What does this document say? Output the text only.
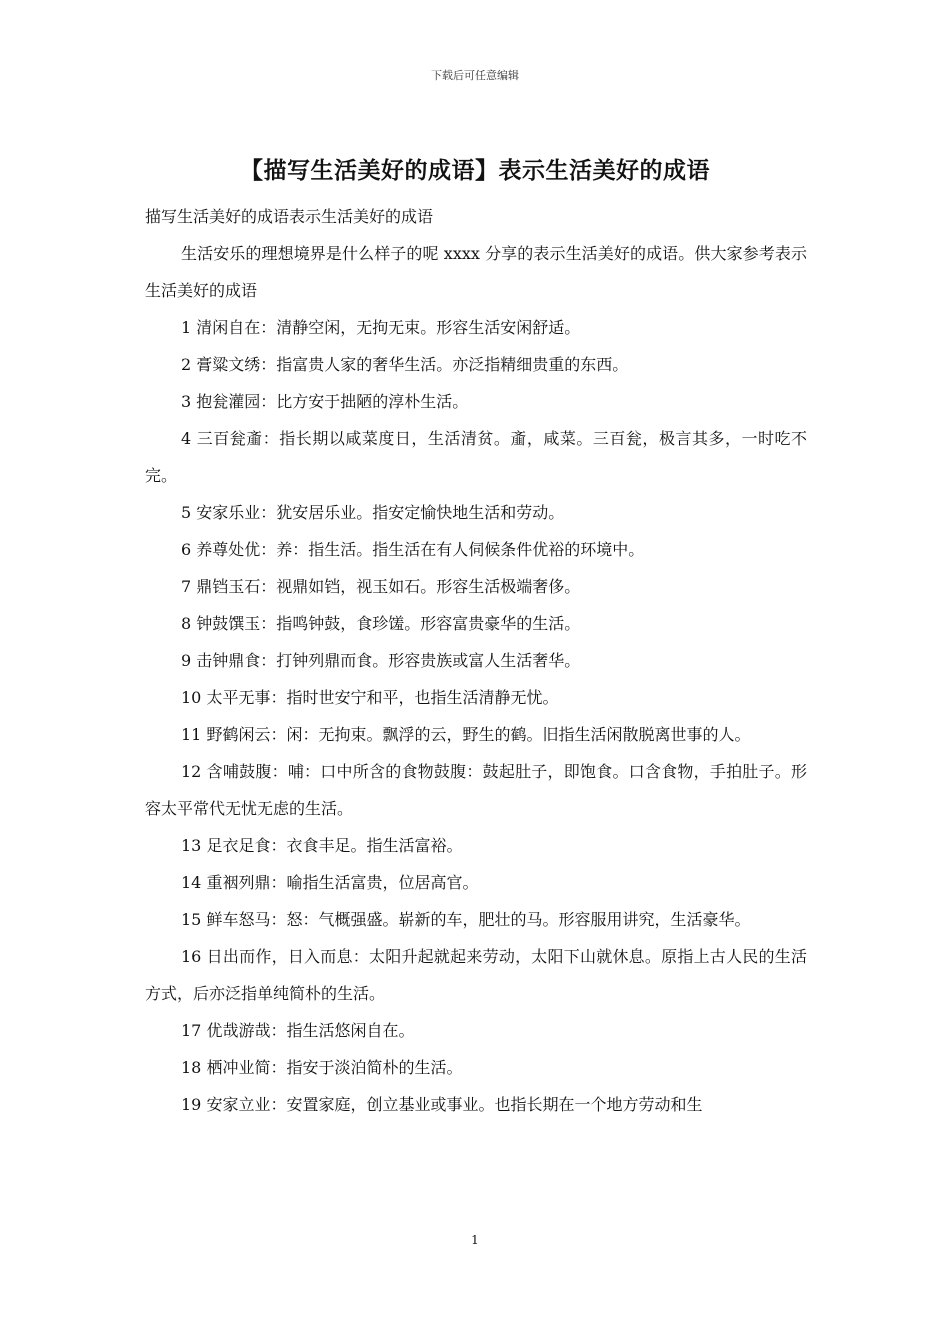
下载后可任意编辑
【描写生活美好的成语】表示生活美好的成语

描写生活美好的成语表示生活美好的成语

生活安乐的理想境界是什么样子的呢 xxxx 分享的表示生活美好的成语。供大家参考表示生活美好的成语

1 清闲自在：清静空闲，无拘无束。形容生活安闲舒适。

2 膏粱文绣：指富贵人家的奢华生活。亦泛指精细贵重的东西。

3 抱瓮灌园：比方安于拙陋的淳朴生活。

4 三百瓮齑：指长期以咸菜度日，生活清贫。齑，咸菜。三百瓮，极言其多，一时吃不完。

5 安家乐业：犹安居乐业。指安定愉快地生活和劳动。

6 养尊处优：养：指生活。指生活在有人伺候条件优裕的环境中。

7 鼎铛玉石：视鼎如铛，视玉如石。形容生活极端奢侈。

8 钟鼓馔玉：指鸣钟鼓，食珍馐。形容富贵豪华的生活。

9 击钟鼎食：打钟列鼎而食。形容贵族或富人生活奢华。

10 太平无事：指时世安宁和平，也指生活清静无忧。

11 野鹤闲云：闲：无拘束。飘浮的云，野生的鹤。旧指生活闲散脱离世事的人。

12 含哺鼓腹：哺：口中所含的食物鼓腹：鼓起肚子，即饱食。口含食物，手拍肚子。形容太平常代无忧无虑的生活。

13 足衣足食：衣食丰足。指生活富裕。

14 重裀列鼎：喻指生活富贵，位居高官。

15 鲜车怒马：怒：气概强盛。崭新的车，肥壮的马。形容服用讲究，生活豪华。

16 日出而作，日入而息：太阳升起就起来劳动，太阳下山就休息。原指上古人民的生活方式，后亦泛指单纯简朴的生活。

17 优哉游哉：指生活悠闲自在。

18 栖冲业简：指安于淡泊简朴的生活。

19 安家立业：安置家庭，创立基业或事业。也指长期在一个地方劳动和生

1
